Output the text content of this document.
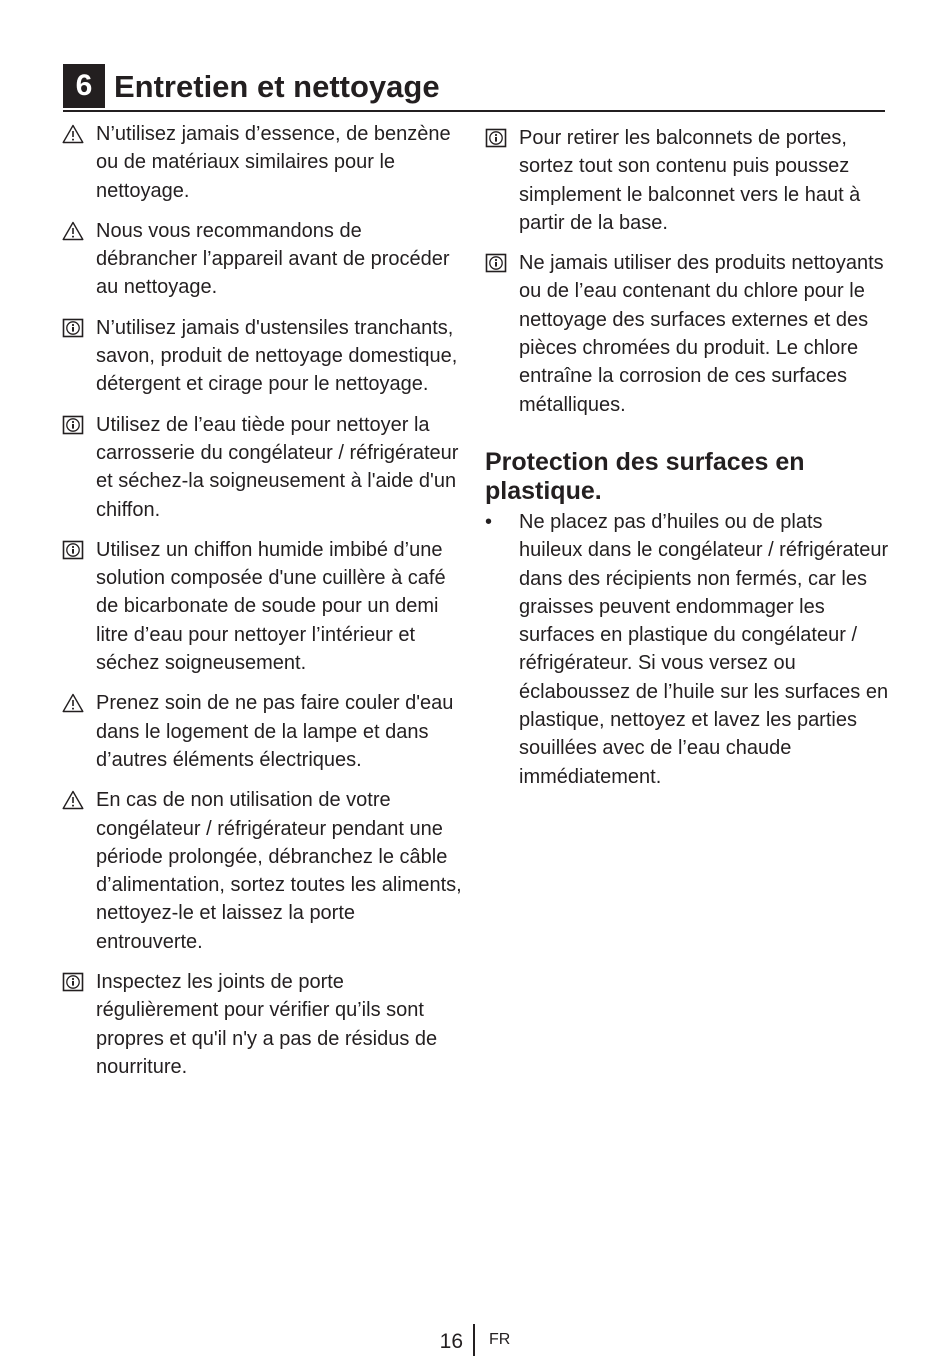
6 Entretien et nettoyage
N’utilisez jamais d’essence, de benzène ou de matériaux similaires pour le nettoyage.
Nous vous recommandons de débrancher l’appareil avant de procéder au nettoyage.
N’utilisez jamais d'ustensiles tranchants, savon, produit de nettoyage domestique, détergent et cirage pour le nettoyage.
Utilisez de l’eau tiède pour nettoyer la carrosserie du congélateur / réfrigérateur et séchez-la soigneusement à l'aide d'un chiffon.
Utilisez un chiffon humide imbibé d’une solution composée d'une cuillère à café de bicarbonate de soude pour un demi litre d’eau pour nettoyer l’intérieur et séchez soigneusement.
Prenez soin de ne pas faire couler d'eau dans le logement de la lampe et dans d’autres éléments électriques.
En cas de non utilisation de votre congélateur / réfrigérateur pendant une période prolongée, débranchez le câble d’alimentation, sortez toutes les aliments, nettoyez-le et laissez la porte entrouverte.
Inspectez les joints de porte régulièrement pour vérifier qu’ils sont propres et qu'il n'y a pas de résidus de nourriture.
Pour retirer les balconnets de portes, sortez tout son contenu puis poussez simplement le balconnet vers le haut à partir de la base.
Ne jamais utiliser des produits nettoyants ou de l’eau contenant du chlore pour le nettoyage des surfaces externes et des pièces chromées du produit. Le chlore entraîne la corrosion de ces surfaces métalliques.
Protection des surfaces en plastique.
• Ne placez pas d’huiles ou de plats huileux dans le congélateur / réfrigérateur dans des récipients non fermés, car les graisses peuvent endommager les surfaces en plastique du congélateur / réfrigérateur. Si vous versez ou éclaboussez de l’huile sur les surfaces en plastique, nettoyez et lavez les parties souillées avec de l’eau chaude immédiatement.
16 FR
